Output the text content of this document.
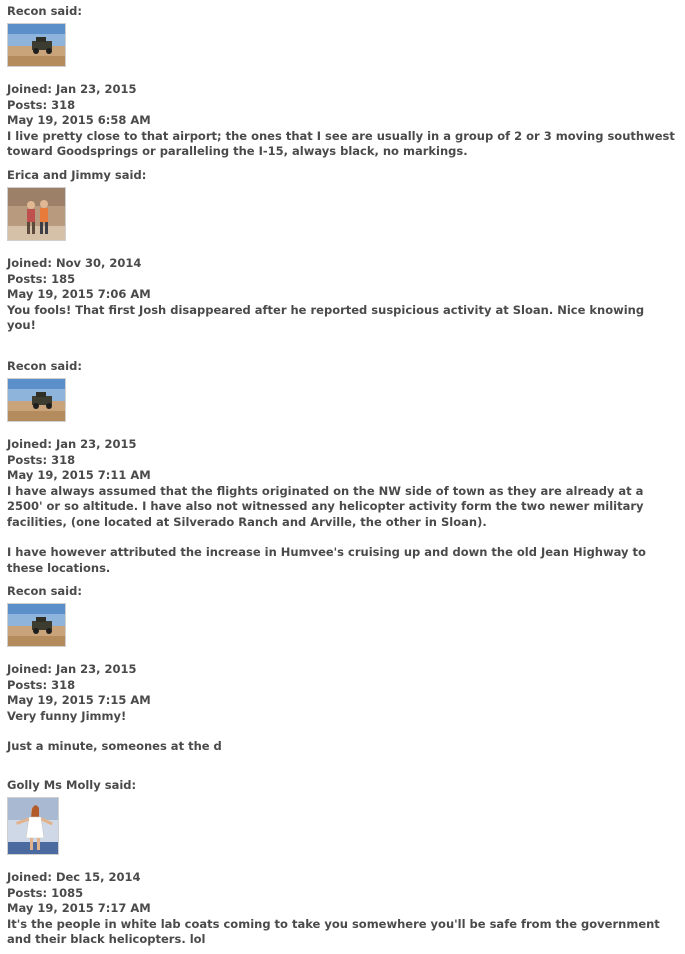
Recon said:
Joined: Jan 23, 2015
Posts: 318
May 19, 2015 6:58 AM
I live pretty close to that airport; the ones that I see are usually in a group of 2 or 3 moving southwest toward Goodsprings or paralleling the I-15, always black, no markings.
Erica and Jimmy said:
Joined: Nov 30, 2014
Posts: 185
May 19, 2015 7:06 AM
You fools! That first Josh disappeared after he reported suspicious activity at Sloan. Nice knowing you!
Recon said:
Joined: Jan 23, 2015
Posts: 318
May 19, 2015 7:11 AM
I have always assumed that the flights originated on the NW side of town as they are already at a 2500' or so altitude. I have also not witnessed any helicopter activity form the two newer military facilities, (one located at Silverado Ranch and Arville, the other in Sloan).
I have however attributed the increase in Humvee's cruising up and down the old Jean Highway to these locations.
Recon said:
Joined: Jan 23, 2015
Posts: 318
May 19, 2015 7:15 AM
Very funny Jimmy!
Just a minute, someones at the d
Golly Ms Molly said:
Joined: Dec 15, 2014
Posts: 1085
May 19, 2015 7:17 AM
It's the people in white lab coats coming to take you somewhere you'll be safe from the government and their black helicopters. lol
